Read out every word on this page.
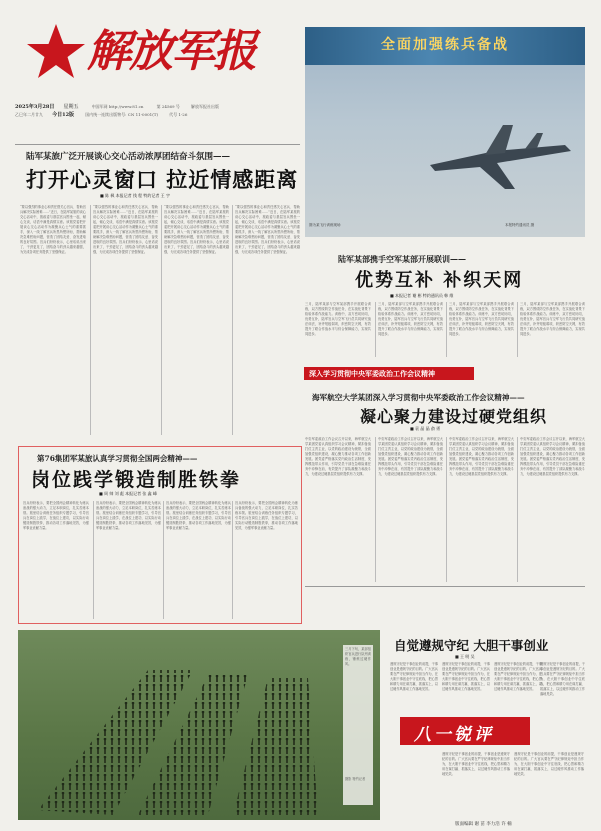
解放军报
2025年3月28日 星期五	中国军网 http://www.81.cn	第 24569 号	解放军报社出版
乙巳年二月廿九 今日12版	国内统一连续出版物号: CN 11-0001(T)	代号 1-26
全面加强练兵备战
图为某飞行训练现场	本报特约通讯员 摄
陆军某旅广泛开展谈心交心活动浓厚团结奋斗氛围——
打开心灵窗口 拉近情感距离
■ 陈 枫 本报记者 钱 程 特约记者 王 宇
“要以强烈的事业心和责任感关心官兵、帮助官兵解决实际困难……”近日，在陆军某旅的谈心交心活动中，旅政委与基层官兵围坐一起，倾心交谈，话语中满是真情实意。该旅党委把开展谈心交心活动作为凝聚兵心士气的重要抓手，深入一线了解官兵所思所想所盼，帮助解决急难愁盼问题，营造了团结友爱、奋发进取的良好氛围。官兵们纷纷表示，心里话说出来了，干劲更足了，团结奋斗的劲头越来越强，为完成各项任务提供了坚强保证。
“要以强烈的事业心和责任感关心官兵、帮助官兵解决实际困难……”近日，在陆军某旅的谈心交心活动中，旅政委与基层官兵围坐一起，倾心交谈，话语中满是真情实意。该旅党委把开展谈心交心活动作为凝聚兵心士气的重要抓手，深入一线了解官兵所思所想所盼，帮助解决急难愁盼问题，营造了团结友爱、奋发进取的良好氛围。官兵们纷纷表示，心里话说出来了，干劲更足了，团结奋斗的劲头越来越强，为完成各项任务提供了坚强保证。
“要以强烈的事业心和责任感关心官兵、帮助官兵解决实际困难……”近日，在陆军某旅的谈心交心活动中，旅政委与基层官兵围坐一起，倾心交谈，话语中满是真情实意。该旅党委把开展谈心交心活动作为凝聚兵心士气的重要抓手，深入一线了解官兵所思所想所盼，帮助解决急难愁盼问题，营造了团结友爱、奋发进取的良好氛围。官兵们纷纷表示，心里话说出来了，干劲更足了，团结奋斗的劲头越来越强，为完成各项任务提供了坚强保证。
“要以强烈的事业心和责任感关心官兵、帮助官兵解决实际困难……”近日，在陆军某旅的谈心交心活动中，旅政委与基层官兵围坐一起，倾心交谈，话语中满是真情实意。该旅党委把开展谈心交心活动作为凝聚兵心士气的重要抓手，深入一线了解官兵所思所想所盼，帮助解决急难愁盼问题，营造了团结友爱、奋发进取的良好氛围。官兵们纷纷表示，心里话说出来了，干劲更足了，团结奋斗的劲头越来越强，为完成各项任务提供了坚强保证。
陆军某部携手空军某部开展联训——
优势互补 补织天网
■ 本报记者 谢 彬 特约通讯员 韩 维
三月，陆军某部与空军某部携手开展联合训练，双方围绕防空作战任务，在实战化背景下检验体系作战能力。训练中，双方密切协同，优势互补，陆军官兵与空军飞行员共同研究战法训法，补齐短板弱项，织密防空天网，有效提升了联合作战水平与综合保障能力，实现共同进步。
三月，陆军某部与空军某部携手开展联合训练，双方围绕防空作战任务，在实战化背景下检验体系作战能力。训练中，双方密切协同，优势互补，陆军官兵与空军飞行员共同研究战法训法，补齐短板弱项，织密防空天网，有效提升了联合作战水平与综合保障能力，实现共同进步。
三月，陆军某部与空军某部携手开展联合训练，双方围绕防空作战任务，在实战化背景下检验体系作战能力。训练中，双方密切协同，优势互补，陆军官兵与空军飞行员共同研究战法训法，补齐短板弱项，织密防空天网，有效提升了联合作战水平与综合保障能力，实现共同进步。
三月，陆军某部与空军某部携手开展联合训练，双方围绕防空作战任务，在实战化背景下检验体系作战能力。训练中，双方密切协同，优势互补，陆军官兵与空军飞行员共同研究战法训法，补齐短板弱项，织密防空天网，有效提升了联合作战水平与综合保障能力，实现共同进步。
第76集团军某旅认真学习贯彻全国两会精神——
岗位践学锻造制胜铁拳
■ 周 帅 刘 彪 本报记者 张 鑫 峰
官兵纷纷表示，要把全国两会精神转化为练兵备战的强大动力，立足本职岗位，扎实苦练本领。旅里结合训练任务组织专题学习，引导官兵在岗位上践学，在战位上建功，以实际行动锻造制胜铁拳，推动各项工作落地见效，为强军事业贡献力量。
官兵纷纷表示，要把全国两会精神转化为练兵备战的强大动力，立足本职岗位，扎实苦练本领。旅里结合训练任务组织专题学习，引导官兵在岗位上践学，在战位上建功，以实际行动锻造制胜铁拳，推动各项工作落地见效，为强军事业贡献力量。
官兵纷纷表示，要把全国两会精神转化为练兵备战的强大动力，立足本职岗位，扎实苦练本领。旅里结合训练任务组织专题学习，引导官兵在岗位上践学，在战位上建功，以实际行动锻造制胜铁拳，推动各项工作落地见效，为强军事业贡献力量。
官兵纷纷表示，要把全国两会精神转化为练兵备战的强大动力，立足本职岗位，扎实苦练本领。旅里结合训练任务组织专题学习，引导官兵在岗位上践学，在战位上建功，以实际行动锻造制胜铁拳，推动各项工作落地见效，为强军事业贡献力量。
深入学习贯彻中央军委政治工作会议精神
海军航空大学某团深入学习贯彻中央军委政治工作会议精神——
凝心聚力建设过硬党组织
■ 袁 晶 晶 俞 勇
中央军委政治工作会议召开以来，海军航空大学某团党委认真组织学习会议精神，紧扣备战打仗主责主业，以党的政治建设为统领，全面加强党组织建设，凝心聚力推动各项工作创新发展。团党委严格落实党内政治生活制度，发挥模范带头作用，引导党员干部在急难险重任务中冲锋在前，有效提升了部队凝聚力和战斗力，为建设过硬基层党组织提供有力支撑。
中央军委政治工作会议召开以来，海军航空大学某团党委认真组织学习会议精神，紧扣备战打仗主责主业，以党的政治建设为统领，全面加强党组织建设，凝心聚力推动各项工作创新发展。团党委严格落实党内政治生活制度，发挥模范带头作用，引导党员干部在急难险重任务中冲锋在前，有效提升了部队凝聚力和战斗力，为建设过硬基层党组织提供有力支撑。
中央军委政治工作会议召开以来，海军航空大学某团党委认真组织学习会议精神，紧扣备战打仗主责主业，以党的政治建设为统领，全面加强党组织建设，凝心聚力推动各项工作创新发展。团党委严格落实党内政治生活制度，发挥模范带头作用，引导党员干部在急难险重任务中冲锋在前，有效提升了部队凝聚力和战斗力，为建设过硬基层党组织提供有力支撑。
中央军委政治工作会议召开以来，海军航空大学某团党委认真组织学习会议精神，紧扣备战打仗主责主业，以党的政治建设为统领，全面加强党组织建设，凝心聚力推动各项工作创新发展。团党委严格落实党内政治生活制度，发挥模范带头作用，引导党员干部在急难险重任务中冲锋在前，有效提升了部队凝聚力和战斗力，为建设过硬基层党组织提供有力支撑。
三月下旬，某部组织官兵进行队列训练，锤炼过硬作风。
摄影 特约记者
自觉遵规守纪 大胆干事创业
■ 王 明 吴
遵规守纪是干事创业的前提，干事创业是遵规守纪的目的。广大官兵要在严守纪律规矩中担当作为，在大胆干事创业中守住底线，把心思和精力用在谋打赢、抓落实上，以过硬作风推动工作落地见效。
遵规守纪是干事创业的前提，干事创业是遵规守纪的目的。广大官兵要在严守纪律规矩中担当作为，在大胆干事创业中守住底线，把心思和精力用在谋打赢、抓落实上，以过硬作风推动工作落地见效。
遵规守纪是干事创业的前提，干事创业是遵规守纪的目的。广大官兵要在严守纪律规矩中担当作为，在大胆干事创业中守住底线，把心思和精力用在谋打赢、抓落实上，以过硬作风推动工作落地见效。
遵规守纪是干事创业的前提，干事创业是遵规守纪的目的。广大官兵要在严守纪律规矩中担当作为，在大胆干事创业中守住底线，把心思和精力用在谋打赢、抓落实上，以过硬作风推动工作落地见效。
八一锐评
遵规守纪是干事创业的前提，干事创业是遵规守纪的目的。广大官兵要在严守纪律规矩中担当作为，在大胆干事创业中守住底线，把心思和精力用在谋打赢、抓落实上，以过硬作风推动工作落地见效。
遵规守纪是干事创业的前提，干事创业是遵规守纪的目的。广大官兵要在严守纪律规矩中担当作为，在大胆干事创业中守住底线，把心思和精力用在谋打赢、抓落实上，以过硬作风推动工作落地见效。
版面编辑 谢 苗 李力浩 许 楠
